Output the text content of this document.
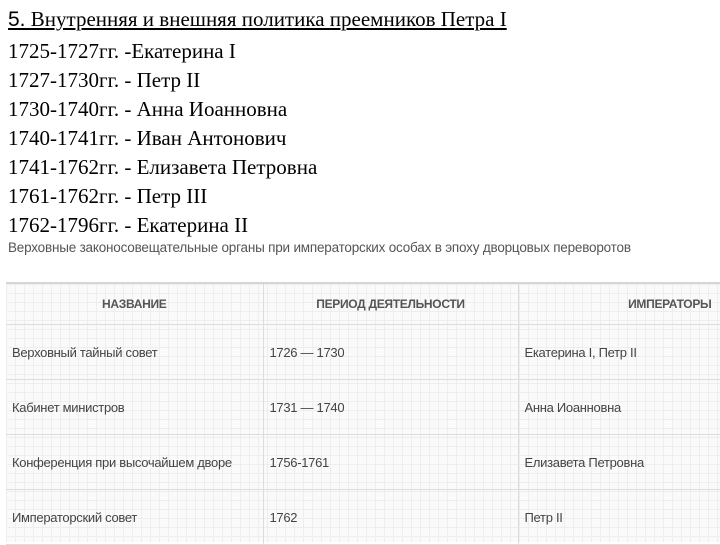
5. Внутренняя и внешняя политика преемников Петра I
1725-1727гг. -Екатерина I
1727-1730гг. - Петр II
1730-1740гг. - Анна Иоанновна
1740-1741гг. - Иван Антонович
1741-1762гг. - Елизавета Петровна
1761-1762гг. - Петр III
1762-1796гг. - Екатерина II
Верховные законосовещательные органы при императорских особах в эпоху дворцовых переворотов
НАЗВАНИЕ	ПЕРИОД ДЕЯТЕЛЬНОСТИ	ИМПЕРАТОРЫ
Верховный тайный совет	1726 — 1730	Екатерина I, Петр II
Кабинет министров	1731 — 1740	Анна Иоанновна
Конференция при высочайшем дворе	1756-1761	Елизавета Петровна
Императорский совет	1762	Петр II
